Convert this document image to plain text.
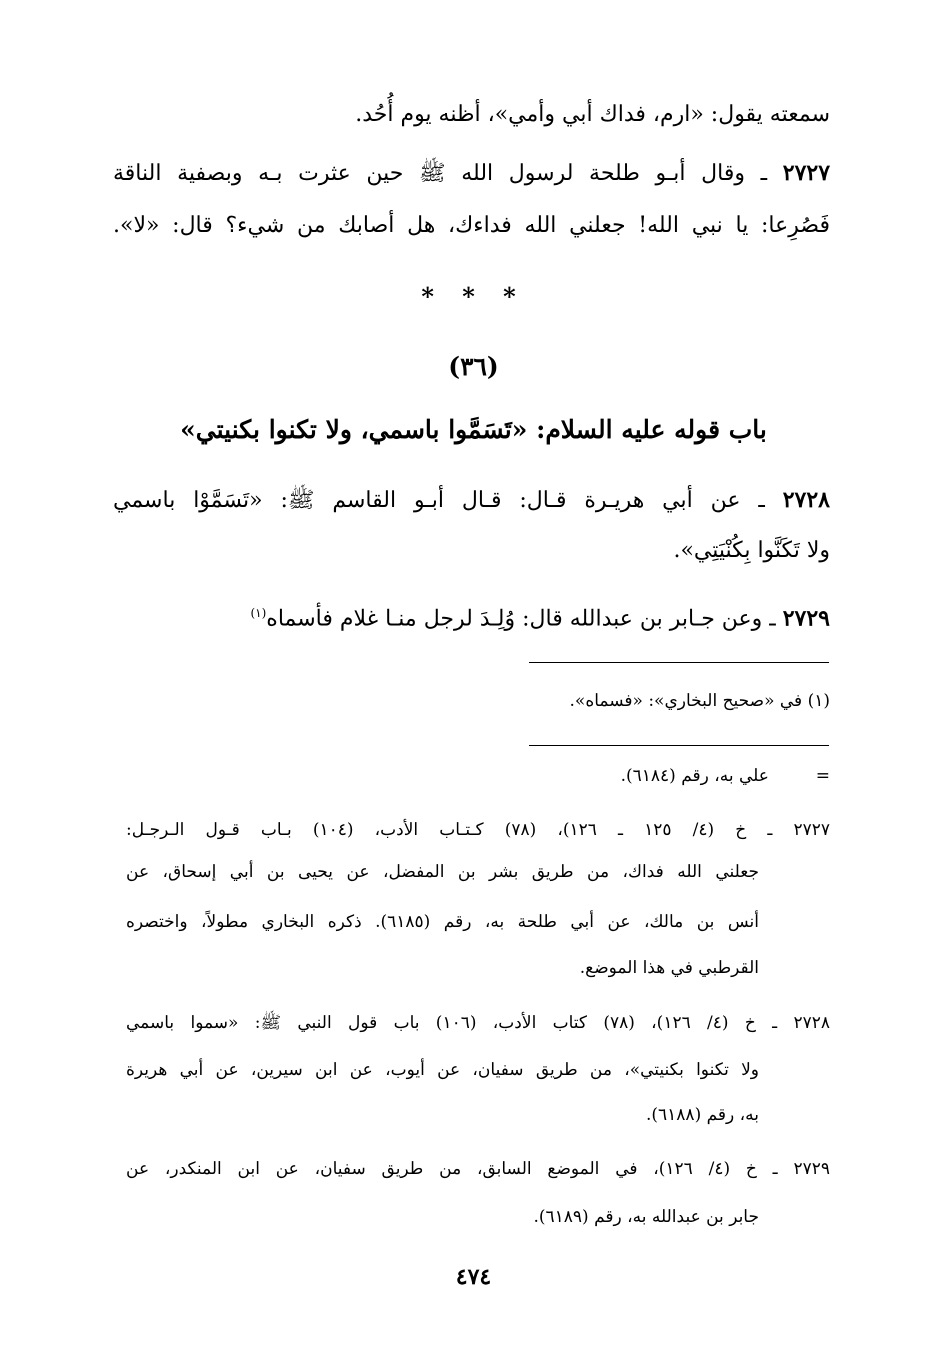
سمعته يقول: «ارم، فداك أبي وأمي»، أظنه يوم أُحُد.
٢٧٢٧ ـ وقال أبـو طلحة لرسول الله ﷺ حين عثرت بـه وبصفية الناقة
فَصُرِعا: يا نبي الله! جعلني الله فداءك، هل أصابك من شيء؟ قال: «لا».
* * *
(٣٦)
باب قوله عليه السلام: «تَسَمَّوا باسمي، ولا تكنوا بكنيتي»
٢٧٢٨ ـ عن أبي هريـرة قـال: قـال أبـو القاسم ﷺ: «تَسَمَّوْا باسمي
ولا تَكَنَّوا بِكُنْيَتِي».
٢٧٢٩ ـ وعن جـابر بن عبدالله قال: وُلِـدَ لرجل منـا غلام فأسماه$^{(١)}$
(١) في «صحيح البخاري»: «فسماه».
=  علي به، رقم (٦١٨٤).
٢٧٢٧ ـ خ (٤/ ١٢٥ ـ ١٢٦)، (٧٨) كـتـاب الأدب، (١٠٤) بـاب قـول الـرجـل:
جعلني الله فداك، من طريق بشر بن المفضل، عن يحيى بن أبي إسحاق، عن
أنس بن مالك، عن أبي طلحة به، رقم (٦١٨٥). ذكره البخاري مطولاً، واختصره
القرطبي في هذا الموضع.
٢٧٢٨ ـ خ (٤/ ١٢٦)، (٧٨) كتاب الأدب، (١٠٦) باب قول النبي ﷺ: «سموا باسمي
ولا تكنوا بكنيتي»، من طريق سفيان، عن أيوب، عن ابن سيرين، عن أبي هريرة
به، رقم (٦١٨٨).
٢٧٢٩ ـ خ (٤/ ١٢٦)، في الموضع السابق، من طريق سفيان، عن ابن المنكدر، عن
جابر بن عبدالله به، رقم (٦١٨٩).
٤٧٤
